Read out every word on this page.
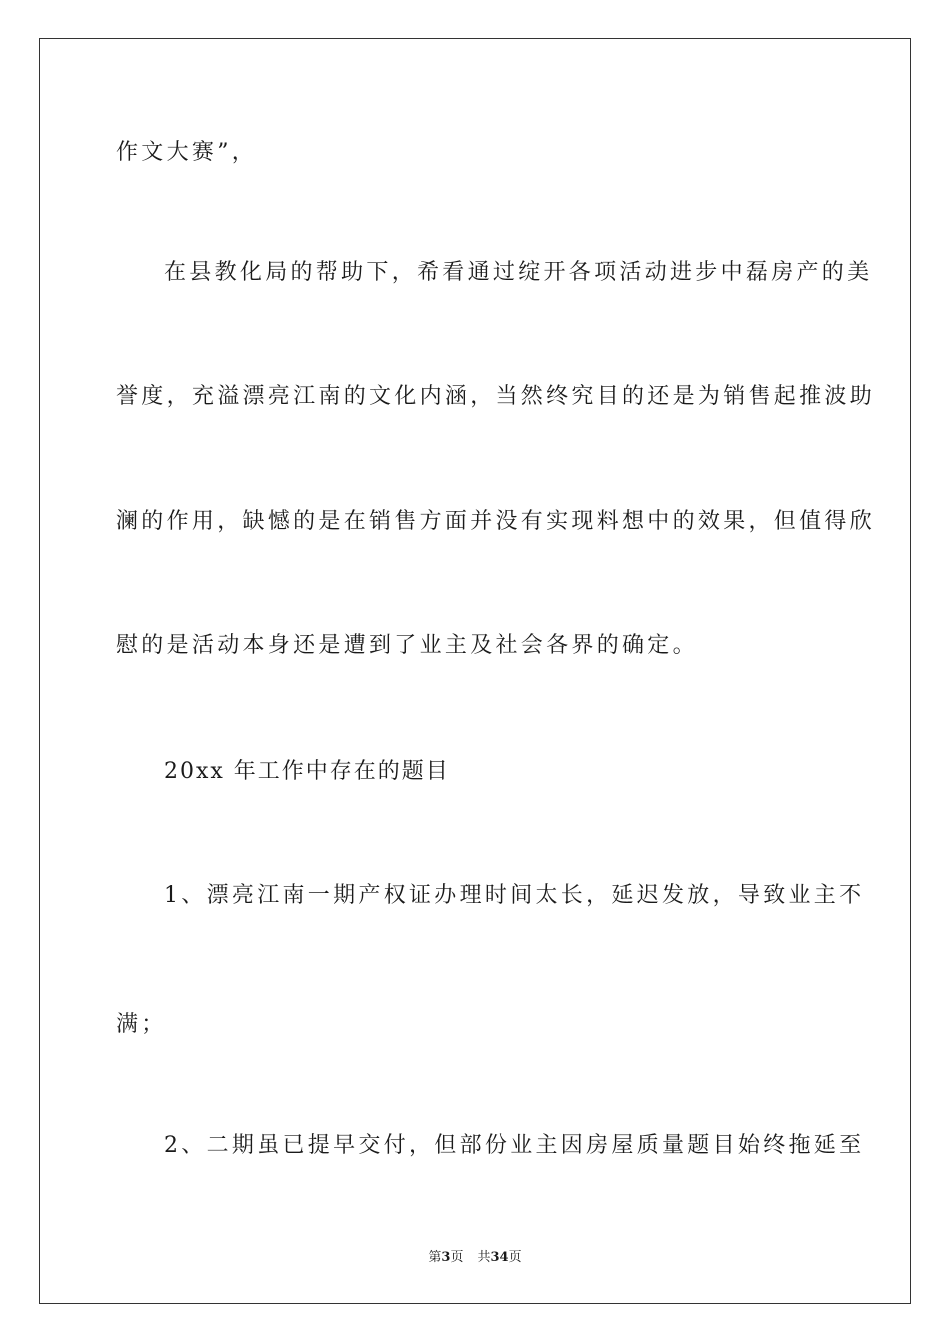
作文大赛”，
在县教化局的帮助下，希看通过绽开各项活动进步中磊房产的美
誉度，充溢漂亮江南的文化内涵，当然终究目的还是为销售起推波助
澜的作用，缺憾的是在销售方面并没有实现料想中的效果，但值得欣
慰的是活动本身还是遭到了业主及社会各界的确定。
20xx 年工作中存在的题目
1、漂亮江南一期产权证办理时间太长，延迟发放，导致业主不
满；
2、二期虽已提早交付，但部份业主因房屋质量题目始终拖延至
第3页 共34页
